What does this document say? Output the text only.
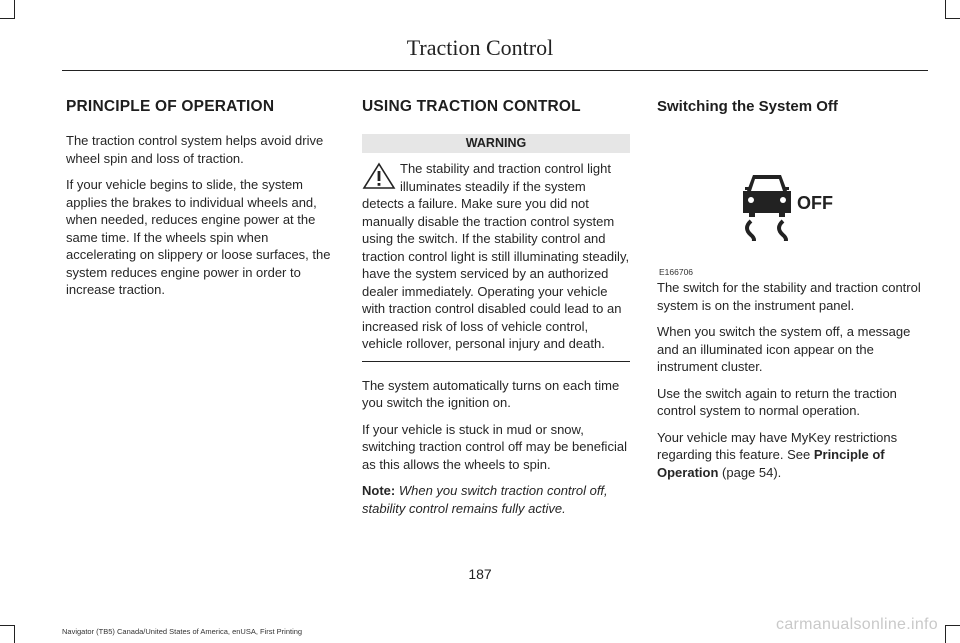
Traction Control
PRINCIPLE OF OPERATION

The traction control system helps avoid drive wheel spin and loss of traction.

If your vehicle begins to slide, the system applies the brakes to individual wheels and, when needed, reduces engine power at the same time. If the wheels spin when accelerating on slippery or loose surfaces, the system reduces engine power in order to increase traction.

USING TRACTION CONTROL
WARNING

The stability and traction control light illuminates steadily if the system detects a failure. Make sure you did not manually disable the traction control system using the switch. If the stability control and traction control light is still illuminating steadily, have the system serviced by an authorized dealer immediately. Operating your vehicle with traction control disabled could lead to an increased risk of loss of vehicle control, vehicle rollover, personal injury and death.

The system automatically turns on each time you switch the ignition on.

If your vehicle is stuck in mud or snow, switching traction control off may be beneficial as this allows the wheels to spin.

Note: When you switch traction control off, stability control remains fully active.

Switching the System Off
OFF
E166706

The switch for the stability and traction control system is on the instrument panel.

When you switch the system off, a message and an illuminated icon appear on the instrument cluster.

Use the switch again to return the traction control system to normal operation.

Your vehicle may have MyKey restrictions regarding this feature. See Principle of Operation (page 54).

187
Navigator (TB5) Canada/United States of America, enUSA, First Printing	carmanualsonline.info
